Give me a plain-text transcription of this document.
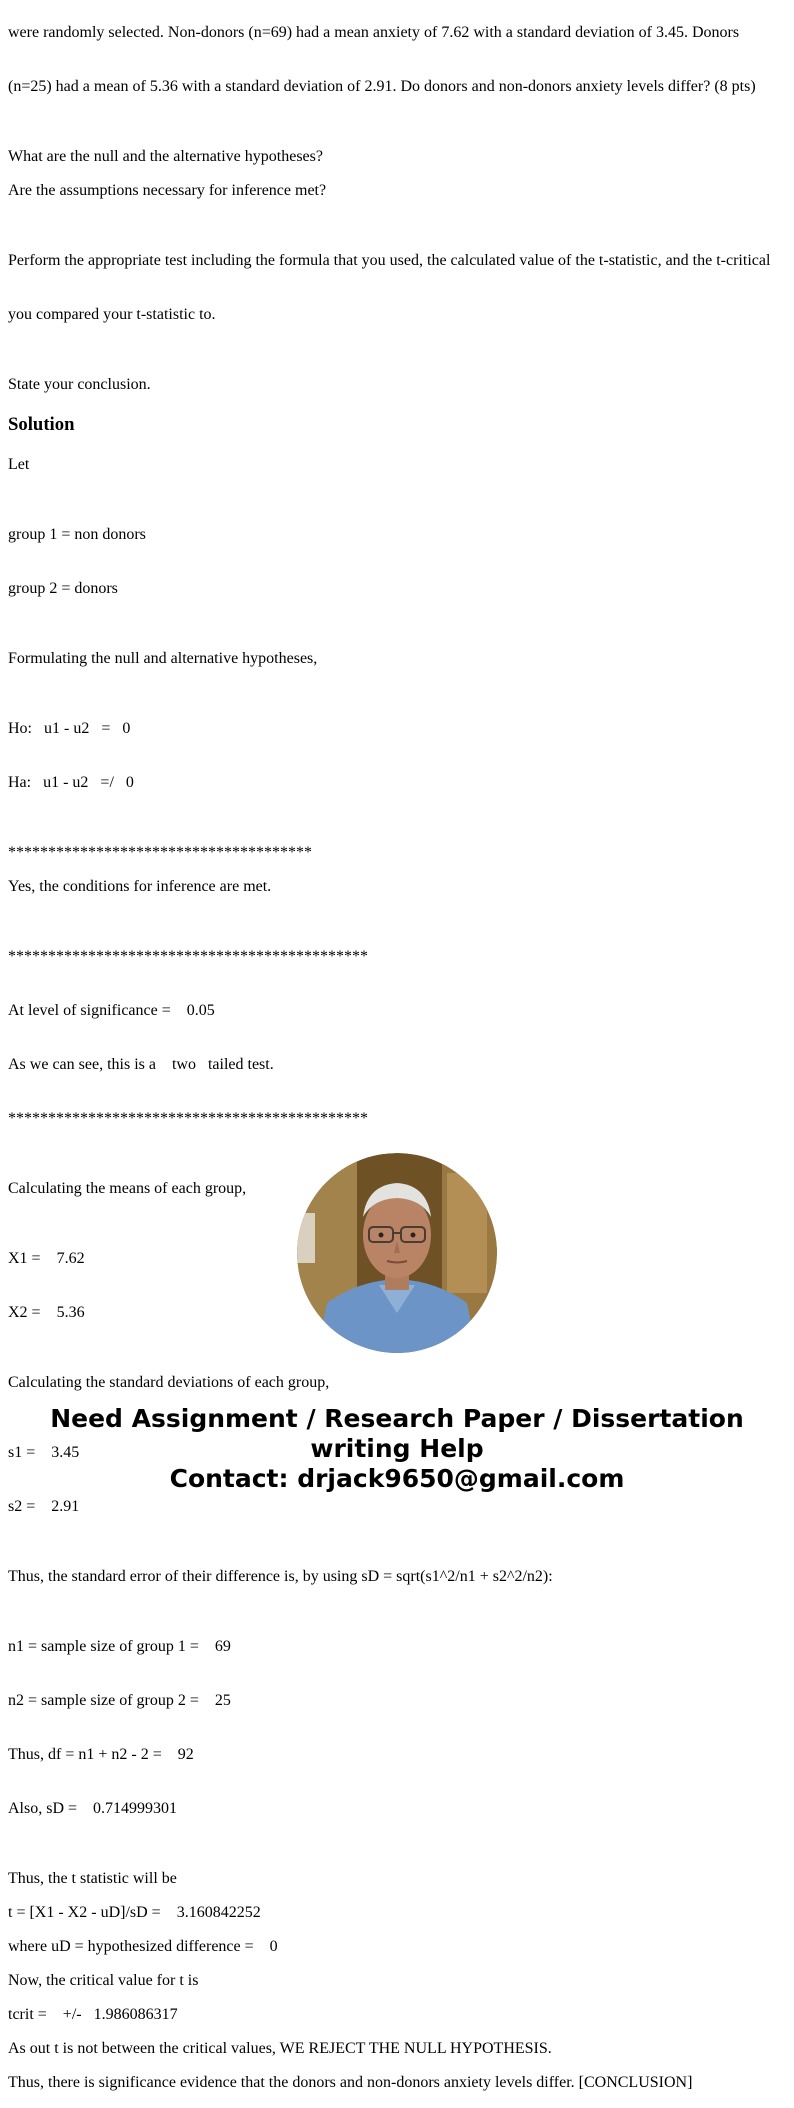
were randomly selected. Non-donors (n=69) had a mean anxiety of 7.62 with a standard deviation of 3.45. Donors

(n=25) had a mean of 5.36 with a standard deviation of 2.91. Do donors and non-donors anxiety levels differ? (8 pts)

What are the null and the alternative hypotheses?

Are the assumptions necessary for inference met?

Perform the appropriate test including the formula that you used, the calculated value of the t-statistic, and the t-critical

you compared your t-statistic to.

State your conclusion.

Solution

Let

group 1 = non donors

group 2 = donors

Formulating the null and alternative hypotheses,

Ho:   u1 - u2   =   0

Ha:   u1 - u2   =/   0

**************************************

Yes, the conditions for inference are met.

*********************************************

At level of significance =    0.05

As we can see, this is a    two   tailed test.

*********************************************

Calculating the means of each group,

X1 =    7.62

X2 =    5.36

Calculating the standard deviations of each group,

s1 =    3.45

s2 =    2.91

Thus, the standard error of their difference is, by using sD = sqrt(s1^2/n1 + s2^2/n2):

n1 = sample size of group 1 =    69

n2 = sample size of group 2 =    25

Thus, df = n1 + n2 - 2 =    92

Also, sD =    0.714999301

Thus, the t statistic will be

t = [X1 - X2 - uD]/sD =    3.160842252

where uD = hypothesized difference =    0

Now, the critical value for t is

tcrit =    +/-   1.986086317

As out t is not between the critical values, WE REJECT THE NULL HYPOTHESIS.

Thus, there is significance evidence that the donors and non-donors anxiety levels differ. [CONCLUSION]

Need Assignment / Research Paper / Dissertation
writing Help
Contact: drjack9650@gmail.com
